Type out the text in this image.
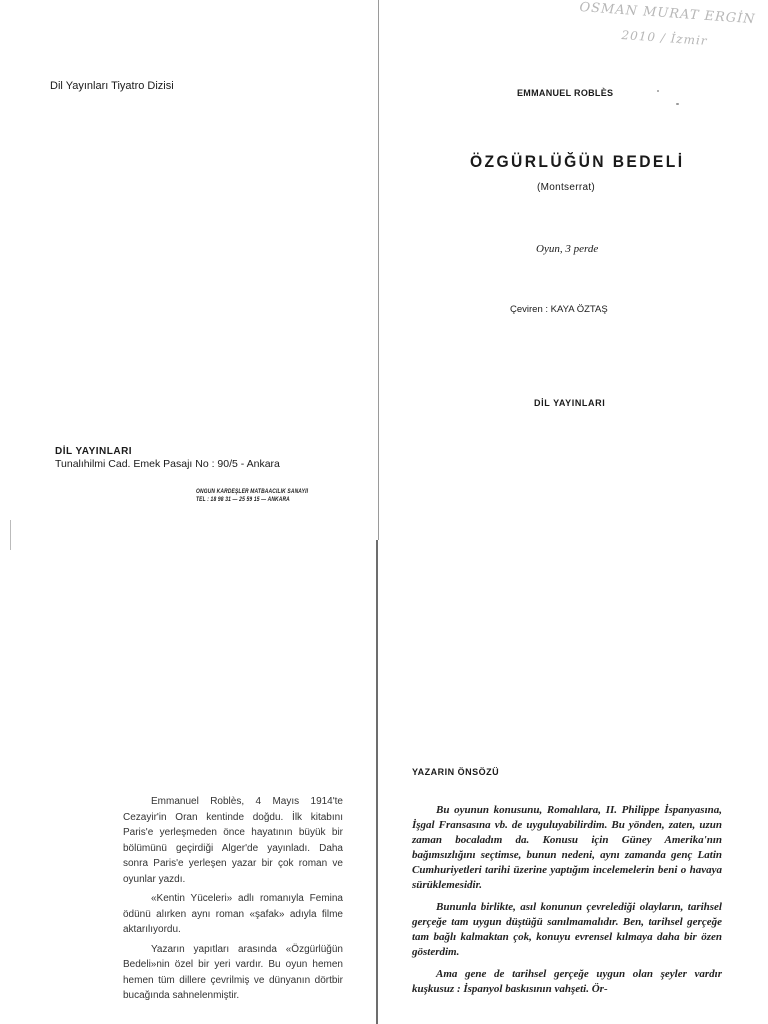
OSMAN MURAT ERGİN
2010 / İzmir
Dil Yayınları Tiyatro Dizisi
DİL YAYINLARI
Tunalıhilmi Cad. Emek Pasajı No : 90/5 - Ankara
ONGUN KARDEŞLER MATBAACILIK SANAYİİ
TEL : 18 98 31 — 25 59 15 — ANKARA

Emmanuel Roblès, 4 Mayıs 1914'te Cezayir'in Oran kentinde doğdu. İlk kitabını Paris'e yerleşmeden önce hayatının büyük bir bölümünü geçirdiği Alger'de yayınladı. Daha sonra Paris'e yerleşen yazar bir çok roman ve oyunlar yazdı.

«Kentin Yüceleri» adlı romanıyla Femina ödünü alırken aynı roman «şafak» adıyla filme aktarılıyordu.

Yazarın yapıtları arasında «Özgürlüğün Bedeli»nin özel bir yeri vardır. Bu oyun hemen hemen tüm dillere çevrilmiş ve dünyanın dörtbir bucağında sahnelenmiştir.

EMMANUEL ROBLÈS
ÖZGÜRLÜĞÜN BEDELİ
(Montserrat)
Oyun, 3 perde
Çeviren : KAYA ÖZTAŞ
DİL YAYINLARI
YAZARIN ÖNSÖZÜ

Bu oyunun konusunu, Romalılara, II. Philippe İspanyasına, İşgal Fransasına vb. de uyguluyabilirdim. Bu yönden, zaten, uzun zaman bocaladım da. Konusu için Güney Amerika'nın bağımsızlığını seçtimse, bunun nedeni, aynı zamanda genç Latin Cumhuriyetleri tarihi üzerine yaptığım incelemelerin beni o havaya sürüklemesidir.

Bununla birlikte, asıl konunun çevrelediği olayların, tarihsel gerçeğe tam uygun düştüğü sanılmamalıdır. Ben, tarihsel gerçeğe tam bağlı kalmaktan çok, konuyu evrensel kılmaya daha bir özen gösterdim.

Ama gene de tarihsel gerçeğe uygun olan şeyler vardır kuşkusuz : İspanyol baskısının vahşeti. Ör-
